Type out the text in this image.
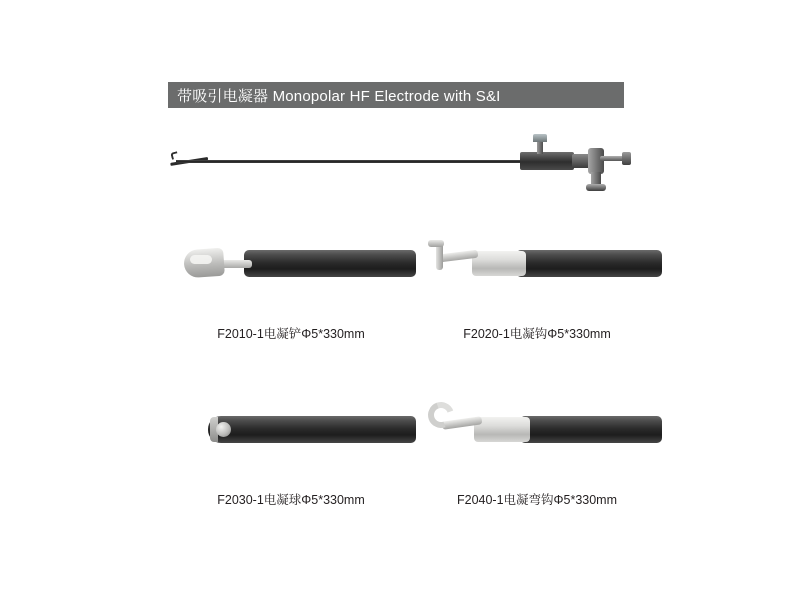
带吸引电凝器 Monopolar HF Electrode with S&I
F2010-1电凝铲Φ5*330mm	F2020-1电凝钩Φ5*330mm
F2030-1电凝球Φ5*330mm	F2040-1电凝弯钩Φ5*330mm
